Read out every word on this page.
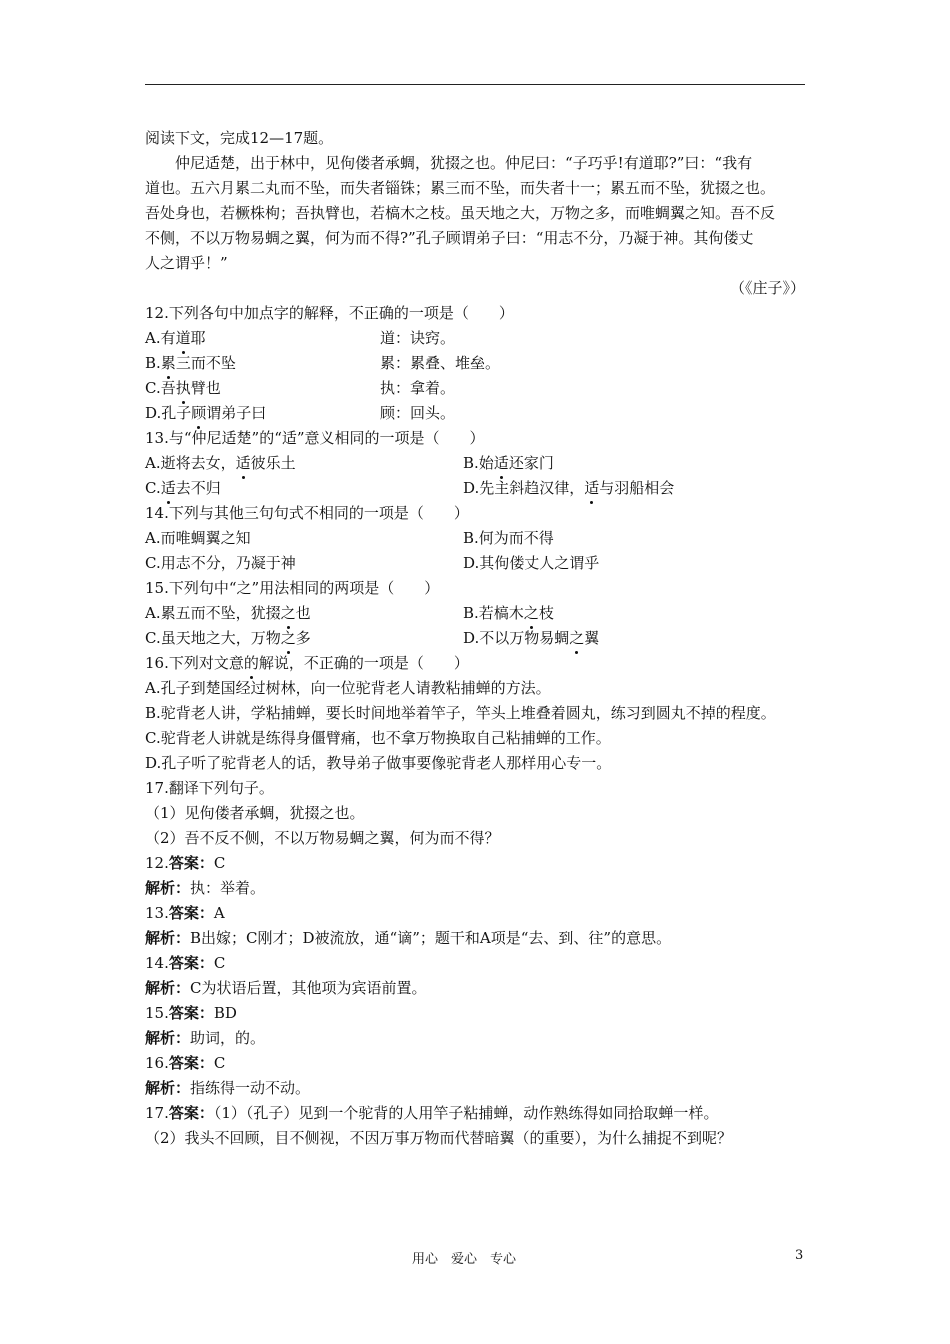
阅读下文，完成12—17题。
仲尼适楚，出于林中，见佝偻者承蜩，犹掇之也。仲尼曰：“子巧乎!有道耶?”曰：“我有
道也。五六月累二丸而不坠，而失者锱铢；累三而不坠，而失者十一；累五而不坠，犹掇之也。
吾处身也，若橛株枸；吾执臂也，若槁木之枝。虽天地之大，万物之多，而唯蜩翼之知。吾不反
不侧，不以万物易蜩之翼，何为而不得?”孔子顾谓弟子曰：“用志不分，乃凝于神。其佝偻丈
人之谓乎！”
（《庄子》）
12.下列各句中加点字的解释，不正确的一项是（　　）
A.有道耶	道：诀窍。
B.累三而不坠	累：累叠、堆垒。
C.吾执臂也	执：拿着。
D.孔子顾谓弟子曰	顾：回头。
13.与“仲尼适楚”的“适”意义相同的一项是（　　）
A.逝将去女，适彼乐土	B.始适还家门
C.适去不归	D.先主斜趋汉律，适与羽船相会
14.下列与其他三句句式不相同的一项是（　　）
A.而唯蜩翼之知	B.何为而不得
C.用志不分，乃凝于神	D.其佝偻丈人之谓乎
15.下列句中“之”用法相同的两项是（　　）
A.累五而不坠，犹掇之也	B.若槁木之枝
C.虽天地之大，万物之多	D.不以万物易蜩之翼
16.下列对文意的解说，不正确的一项是（　　）
A.孔子到楚国经过树林，向一位驼背老人请教粘捕蝉的方法。
B.驼背老人讲，学粘捕蝉，要长时间地举着竿子，竿头上堆叠着圆丸，练习到圆丸不掉的程度。
C.驼背老人讲就是练得身僵臂痛，也不拿万物换取自己粘捕蝉的工作。
D.孔子听了驼背老人的话，教导弟子做事要像驼背老人那样用心专一。
17.翻译下列句子。
（1）见佝偻者承蜩，犹掇之也。
（2）吾不反不侧，不以万物易蜩之翼，何为而不得？
12.答案：C
解析：执：举着。
13.答案：A
解析：B出嫁；C刚才；D被流放，通“谪”；题干和A项是“去、到、往”的意思。
14.答案：C
解析：C为状语后置，其他项为宾语前置。
15.答案：BD
解析：助词，的。
16.答案：C
解析：指练得一动不动。
17.答案：（1）（孔子）见到一个驼背的人用竿子粘捕蝉，动作熟练得如同拾取蝉一样。
（2）我头不回顾，目不侧视，不因万事万物而代替暗翼（的重要），为什么捕捉不到呢？
用心　爱心　专心	3
